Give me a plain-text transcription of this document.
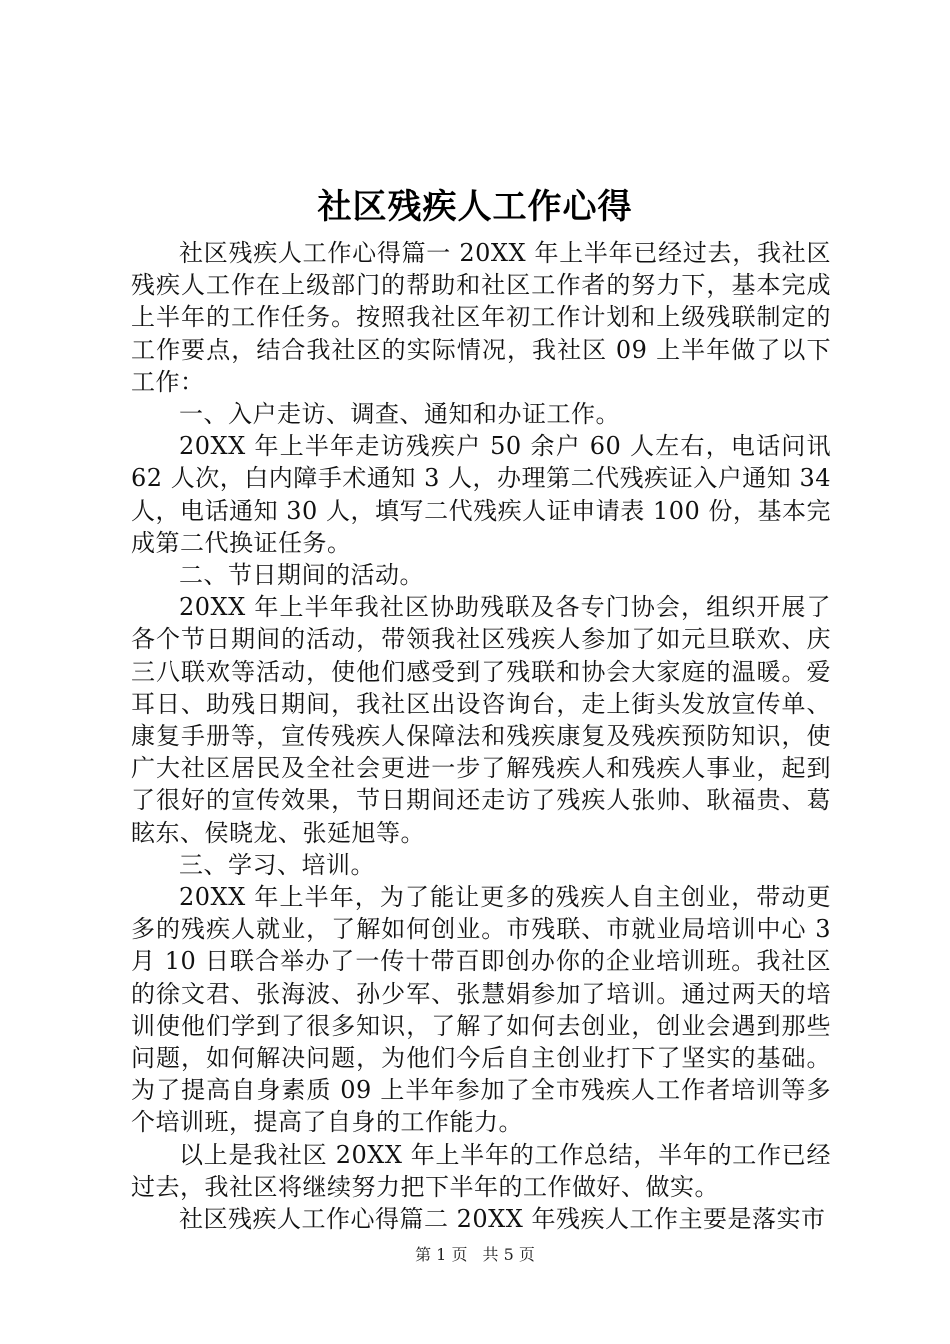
社区残疾人工作心得

社区残疾人工作心得篇一 20XX 年上半年已经过去，我社区残疾人工作在上级部门的帮助和社区工作者的努力下，基本完成上半年的工作任务。按照我社区年初工作计划和上级残联制定的工作要点，结合我社区的实际情况，我社区 09 上半年做了以下工作：

一、入户走访、调查、通知和办证工作。

20XX 年上半年走访残疾户 50 余户 60 人左右，电话问讯 62 人次，白内障手术通知 3 人，办理第二代残疾证入户通知 34 人，电话通知 30 人，填写二代残疾人证申请表 100 份，基本完成第二代换证任务。

二、节日期间的活动。

20XX 年上半年我社区协助残联及各专门协会，组织开展了各个节日期间的活动，带领我社区残疾人参加了如元旦联欢、庆三八联欢等活动，使他们感受到了残联和协会大家庭的温暖。爱耳日、助残日期间，我社区出设咨询台，走上街头发放宣传单、康复手册等，宣传残疾人保障法和残疾康复及残疾预防知识，使广大社区居民及全社会更进一步了解残疾人和残疾人事业，起到了很好的宣传效果，节日期间还走访了残疾人张帅、耿福贵、葛眩东、侯晓龙、张延旭等。

三、学习、培训。

20XX 年上半年，为了能让更多的残疾人自主创业，带动更多的残疾人就业，了解如何创业。市残联、市就业局培训中心 3 月 10 日联合举办了一传十带百即创办你的企业培训班。我社区的徐文君、张海波、孙少军、张慧娟参加了培训。通过两天的培训使他们学到了很多知识，了解了如何去创业，创业会遇到那些问题，如何解决问题，为他们今后自主创业打下了坚实的基础。为了提高自身素质 09 上半年参加了全市残疾人工作者培训等多个培训班，提高了自身的工作能力。

以上是我社区 20XX 年上半年的工作总结，半年的工作已经过去，我社区将继续努力把下半年的工作做好、做实。

社区残疾人工作心得篇二 20XX 年残疾人工作主要是落实市

第 1 页 共 5 页
